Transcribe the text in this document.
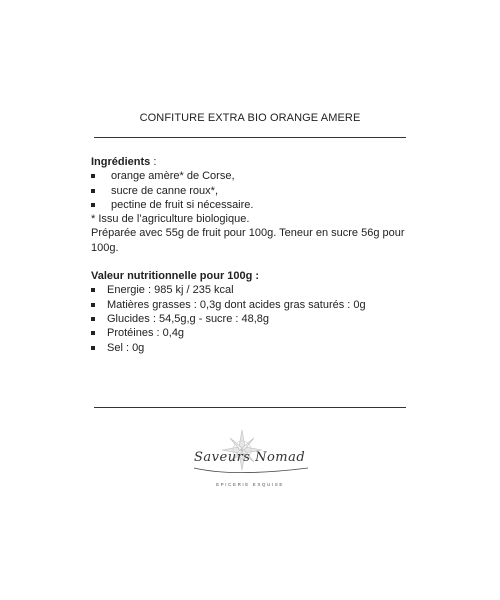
CONFITURE EXTRA BIO ORANGE AMERE

Ingrédients :

orange amère* de Corse,
sucre de canne roux*,
pectine de fruit si nécessaire.

* Issu de l’agriculture biologique.

Préparée avec 55g de fruit pour 100g. Teneur en sucre 56g pour 100g.

Valeur nutritionnelle pour 100g :

Energie : 985 kj / 235 kcal
Matières grasses : 0,3g dont acides gras saturés : 0g
Glucides : 54,5g,g - sucre : 48,8g
Protéines : 0,4g
Sel : 0g
Saveurs Nomad
EPICERIE EXQUISE
